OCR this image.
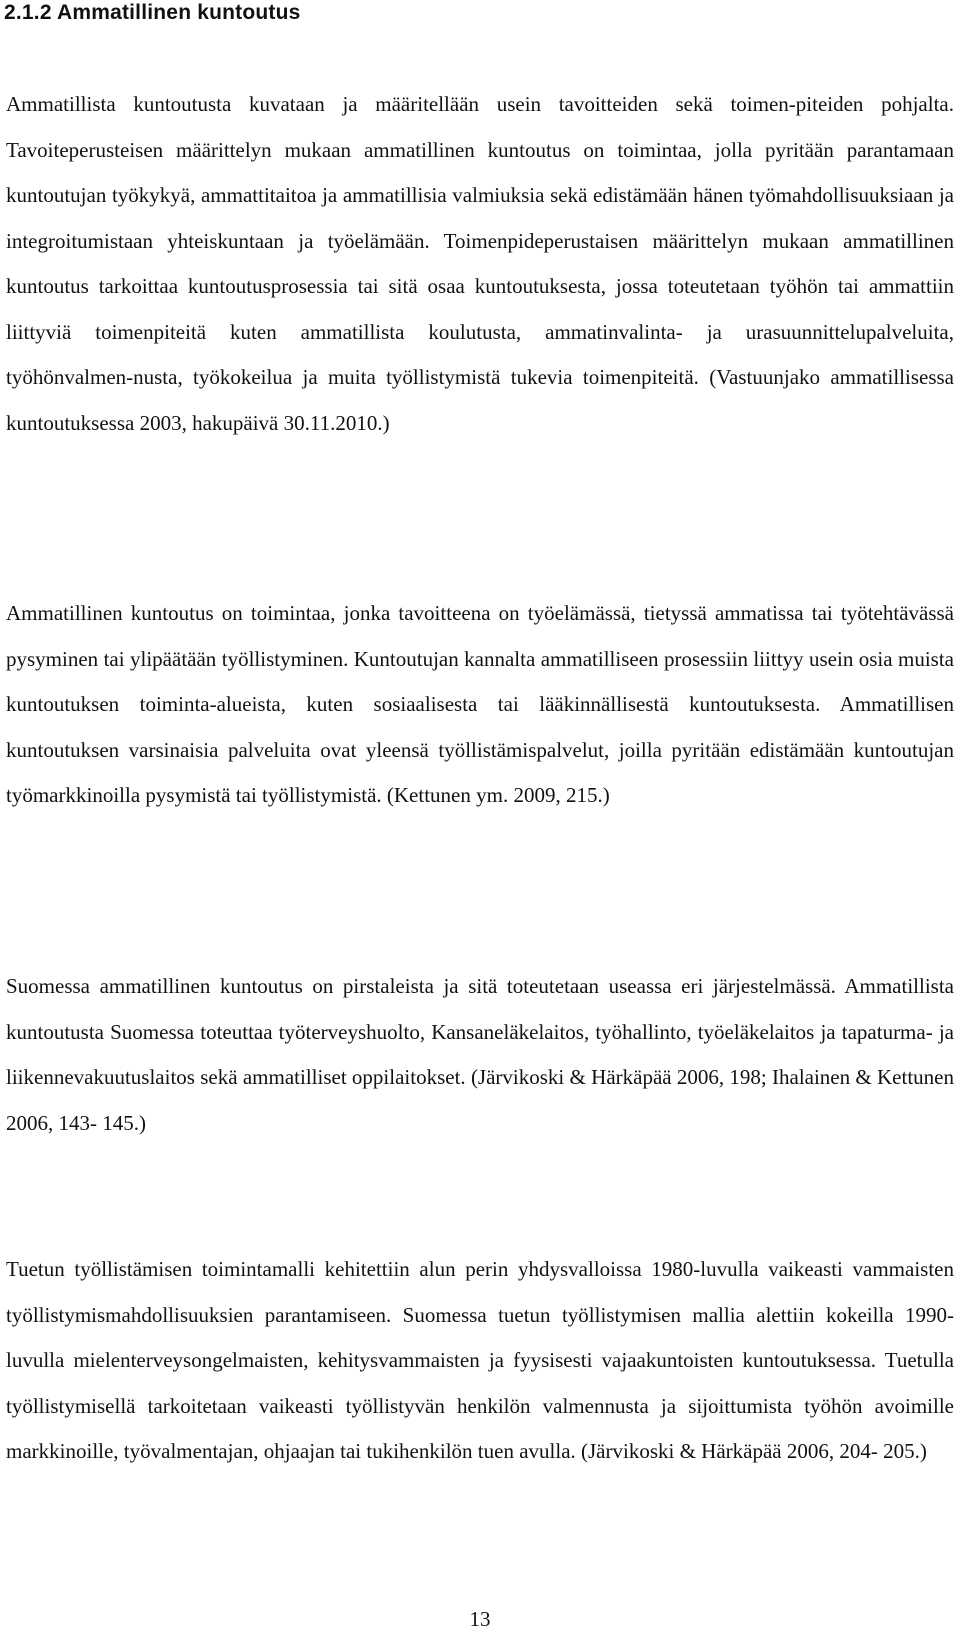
2.1.2 Ammatillinen kuntoutus

Ammatillista kuntoutusta kuvataan ja määritellään usein tavoitteiden sekä toimen-piteiden pohjalta. Tavoiteperusteisen määrittelyn mukaan ammatillinen kuntoutus on toimintaa, jolla pyritään parantamaan kuntoutujan työkykyä, ammattitaitoa ja ammatillisia valmiuksia sekä edistämään hänen työmahdollisuuksiaan ja integroitumistaan yhteiskuntaan ja työelämään. Toimenpideperustaisen määrittelyn mukaan ammatillinen kuntoutus tarkoittaa kuntoutusprosessia tai sitä osaa kuntoutuksesta, jossa toteutetaan työhön tai ammattiin liittyviä toimenpiteitä kuten ammatillista koulutusta, ammatinvalinta- ja urasuunnittelupalveluita, työhönvalmen-nusta, työkokeilua ja muita työllistymistä tukevia toimenpiteitä. (Vastuunjako ammatillisessa kuntoutuksessa 2003, hakupäivä 30.11.2010.)

Ammatillinen kuntoutus on toimintaa, jonka tavoitteena on työelämässä, tietyssä ammatissa tai työtehtävässä pysyminen tai ylipäätään työllistyminen. Kuntoutujan kannalta ammatilliseen prosessiin liittyy usein osia muista kuntoutuksen toiminta-alueista, kuten sosiaalisesta tai lääkinnällisestä kuntoutuksesta. Ammatillisen kuntoutuksen varsinaisia palveluita ovat yleensä työllistämispalvelut, joilla pyritään edistämään kuntoutujan työmarkkinoilla pysymistä tai työllistymistä. (Kettunen ym. 2009, 215.)

Suomessa ammatillinen kuntoutus on pirstaleista ja sitä toteutetaan useassa eri järjestelmässä. Ammatillista kuntoutusta Suomessa toteuttaa työterveyshuolto, Kansaneläkelaitos, työhallinto, työeläkelaitos ja tapaturma- ja liikennevakuutuslaitos sekä ammatilliset oppilaitokset. (Järvikoski & Härkäpää 2006, 198; Ihalainen & Kettunen 2006, 143- 145.)

Tuetun työllistämisen toimintamalli kehitettiin alun perin yhdysvalloissa 1980-luvulla vaikeasti vammaisten työllistymismahdollisuuksien parantamiseen. Suomessa tuetun työllistymisen mallia alettiin kokeilla 1990-luvulla mielenterveysongelmaisten, kehitysvammaisten ja fyysisesti vajaakuntoisten kuntoutuksessa. Tuetulla työllistymisellä tarkoitetaan vaikeasti työllistyvän henkilön valmennusta ja sijoittumista työhön avoimille markkinoille, työvalmentajan, ohjaajan tai tukihenkilön tuen avulla. (Järvikoski & Härkäpää 2006, 204- 205.)

13
